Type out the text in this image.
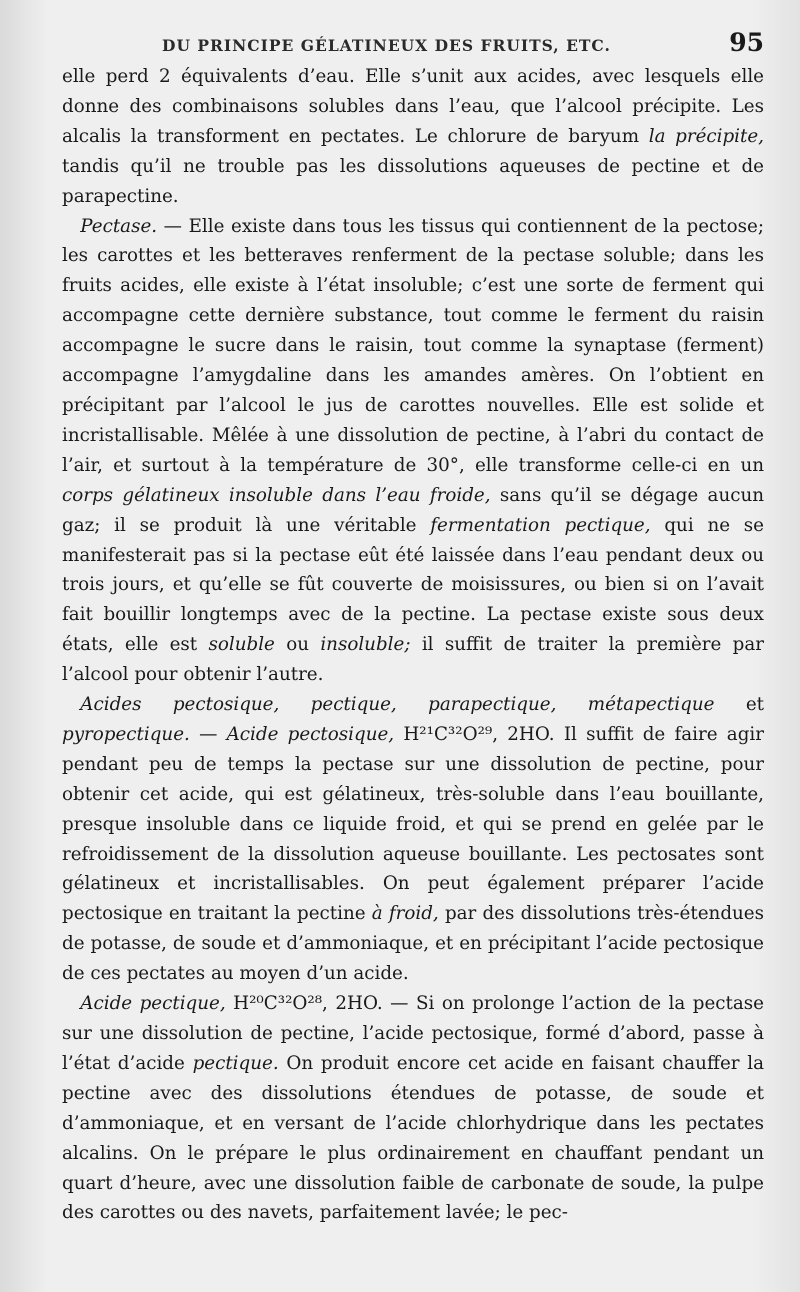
DU PRINCIPE GÉLATINEUX DES FRUITS, ETC.	95

elle perd 2 équivalents d’eau. Elle s’unit aux acides, avec lesquels elle donne des combinaisons solubles dans l’eau, que l’alcool précipite. Les alcalis la transforment en pectates. Le chlorure de baryum la précipite, tandis qu’il ne trouble pas les dissolutions aqueuses de pectine et de parapectine.

 Pectase. — Elle existe dans tous les tissus qui contiennent de la pectose; les carottes et les betteraves renferment de la pectase soluble; dans les fruits acides, elle existe à l’état insoluble; c’est une sorte de ferment qui accompagne cette dernière substance, tout comme le ferment du raisin accompagne le sucre dans le raisin, tout comme la synaptase (ferment) accompagne l’amygdaline dans les amandes amères. On l’obtient en précipitant par l’alcool le jus de carottes nouvelles. Elle est solide et incristallisable. Mêlée à une dissolution de pectine, à l’abri du contact de l’air, et surtout à la température de 30°, elle transforme celle-ci en un corps gélatineux insoluble dans l’eau froide, sans qu’il se dégage aucun gaz; il se produit là une véritable fermentation pectique, qui ne se manifesterait pas si la pectase eût été laissée dans l’eau pendant deux ou trois jours, et qu’elle se fût couverte de moisissures, ou bien si on l’avait fait bouillir longtemps avec de la pectine. La pectase existe sous deux états, elle est soluble ou insoluble; il suffit de traiter la première par l’alcool pour obtenir l’autre.

 Acides pectosique, pectique, parapectique, métapectique et pyropectique. — Acide pectosique, H²¹C³²O²⁹, 2HO. Il suffit de faire agir pendant peu de temps la pectase sur une dissolution de pectine, pour obtenir cet acide, qui est gélatineux, très-soluble dans l’eau bouillante, presque insoluble dans ce liquide froid, et qui se prend en gelée par le refroidissement de la dissolution aqueuse bouillante. Les pectosates sont gélatineux et incristallisables. On peut également préparer l’acide pectosique en traitant la pectine à froid, par des dissolutions très-étendues de potasse, de soude et d’ammoniaque, et en précipitant l’acide pectosique de ces pectates au moyen d’un acide.

 Acide pectique, H²⁰C³²O²⁸, 2HO. — Si on prolonge l’action de la pectase sur une dissolution de pectine, l’acide pectosique, formé d’abord, passe à l’état d’acide pectique. On produit encore cet acide en faisant chauffer la pectine avec des dissolutions étendues de potasse, de soude et d’ammoniaque, et en versant de l’acide chlorhydrique dans les pectates alcalins. On le prépare le plus ordinairement en chauffant pendant un quart d’heure, avec une dissolution faible de carbonate de soude, la pulpe des carottes ou des navets, parfaitement lavée; le pec-
